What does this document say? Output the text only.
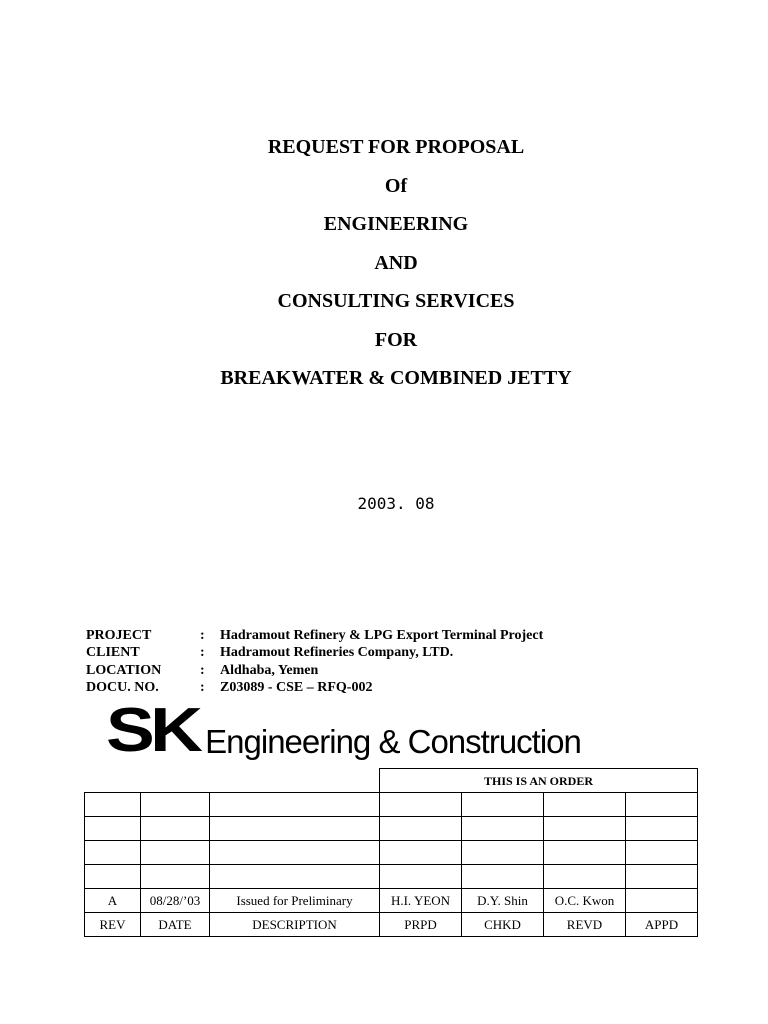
REQUEST FOR PROPOSAL
Of
ENGINEERING
AND
CONSULTING SERVICES
FOR
BREAKWATER & COMBINED JETTY
2003. 08
PROJECT	:	Hadramout Refinery & LPG Export Terminal Project
CLIENT	:	Hadramout Refineries Company, LTD.
LOCATION	:	Aldhaba, Yemen
DOCU. NO.	:	Z03089 - CSE – RFQ-002
SK Engineering & Construction
THIS IS AN ORDER

A	08/28/’03	Issued for Preliminary	H.I. YEON	D.Y. Shin	O.C. Kwon	
REV	DATE	DESCRIPTION	PRPD	CHKD	REVD	APPD
